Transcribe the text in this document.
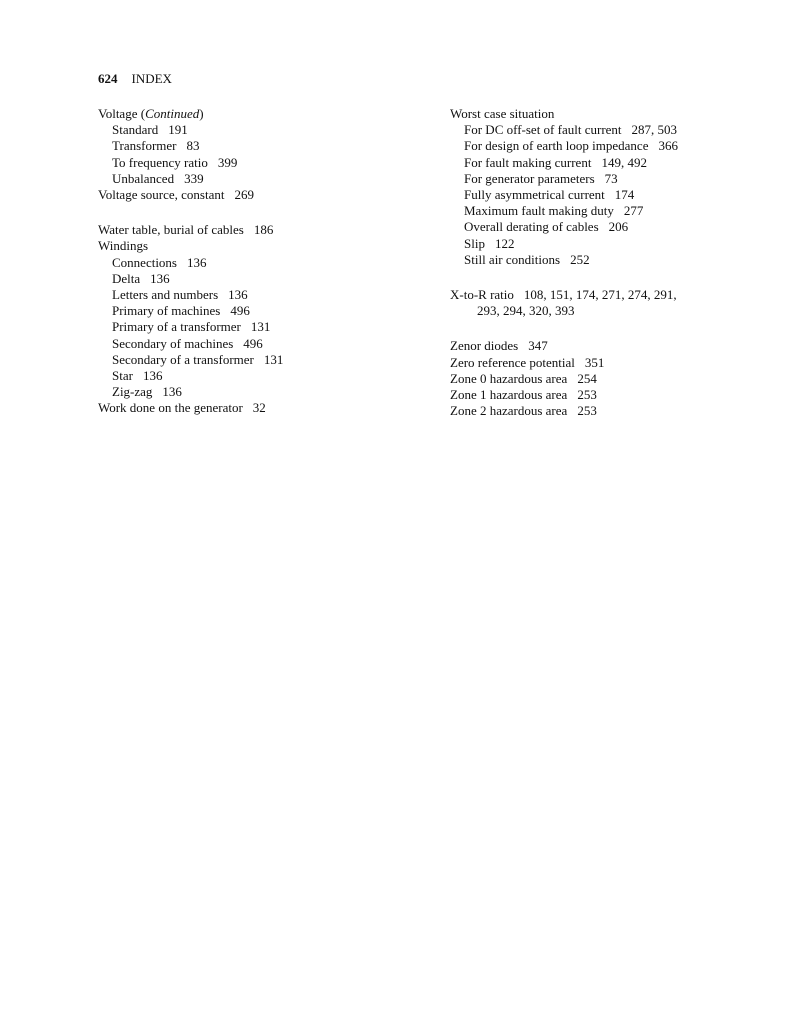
624 INDEX
Voltage (Continued)
Standard 191
Transformer 83
To frequency ratio 399
Unbalanced 339
Voltage source, constant 269
Water table, burial of cables 186
Windings
Connections 136
Delta 136
Letters and numbers 136
Primary of machines 496
Primary of a transformer 131
Secondary of machines 496
Secondary of a transformer 131
Star 136
Zig-zag 136
Work done on the generator 32
Worst case situation
For DC off-set of fault current 287, 503
For design of earth loop impedance 366
For fault making current 149, 492
For generator parameters 73
Fully asymmetrical current 174
Maximum fault making duty 277
Overall derating of cables 206
Slip 122
Still air conditions 252
X-to-R ratio 108, 151, 174, 271, 274, 291,
293, 294, 320, 393
Zenor diodes 347
Zero reference potential 351
Zone 0 hazardous area 254
Zone 1 hazardous area 253
Zone 2 hazardous area 253
